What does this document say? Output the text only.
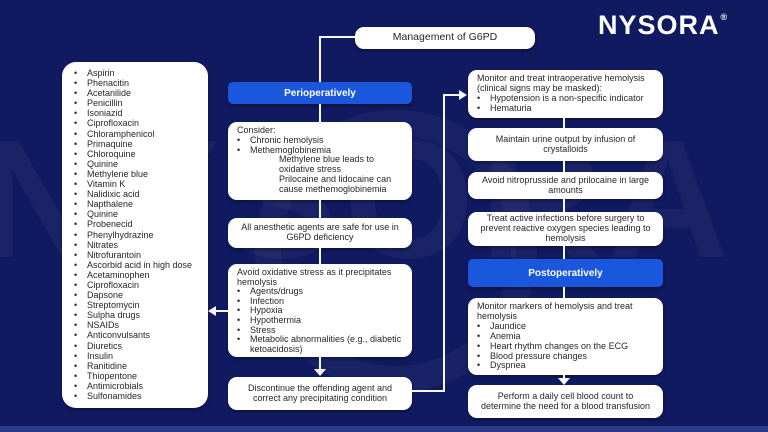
NYSORA®
Management of G6PD
•	Aspirin
•	Phenacitin
•	Acetanilide
•	Penicillin
•	Isoniazid
•	Ciprofloxacin
•	Chloramphenicol
•	Primaquine
•	Chloroquine
•	Quinine
•	Methylene blue
•	Vitamin K
•	Nalidixic acid
•	Napthalene
•	Quinine
•	Probenecid
•	Phenylhydrazine
•	Nitrates
•	Nitrofurantoin
•	Ascorbid acid in high dose
•	Acetaminophen
•	Ciprofloxacin
•	Dapsone
•	Streptomycin
•	Sulpha drugs
•	NSAIDs
•	Anticonvulsants
•	Diuretics
•	Insulin
•	Ranitidine
•	Thiopentone
•	Antimicrobials
•	Sulfonamides
Perioperatively
Consider:
•	Chronic hemolysis
•	Methemoglobinemia
Methylene blue leads to oxidative stress
Prilocaine and lidocaine can cause methemoglobinemia
All anesthetic agents are safe for use in G6PD deficiency
Avoid oxidative stress as it precipitates hemolysis
•	Agents/drugs
•	Infection
•	Hypoxia
•	Hypothermia
•	Stress
•	Metabolic abnormalities (e.g., diabetic ketoacidosis)
Discontinue the offending agent and correct any precipitating condition
Monitor and treat intraoperative hemolysis (clinical signs may be masked):
•	Hypotension is a non-specific indicator
•	Hematuria
Maintain urine output by infusion of crystalloids
Avoid nitroprusside and prilocaine in large amounts
Treat active infections before surgery to prevent reactive oxygen species leading to hemolysis
Postoperatively
Monitor markers of hemolysis and treat hemolysis
•	Jaundice
•	Anemia
•	Heart rhythm changes on the ECG
•	Blood pressure changes
•	Dyspnea
Perform a daily cell blood count to determine the need for a blood transfusion
